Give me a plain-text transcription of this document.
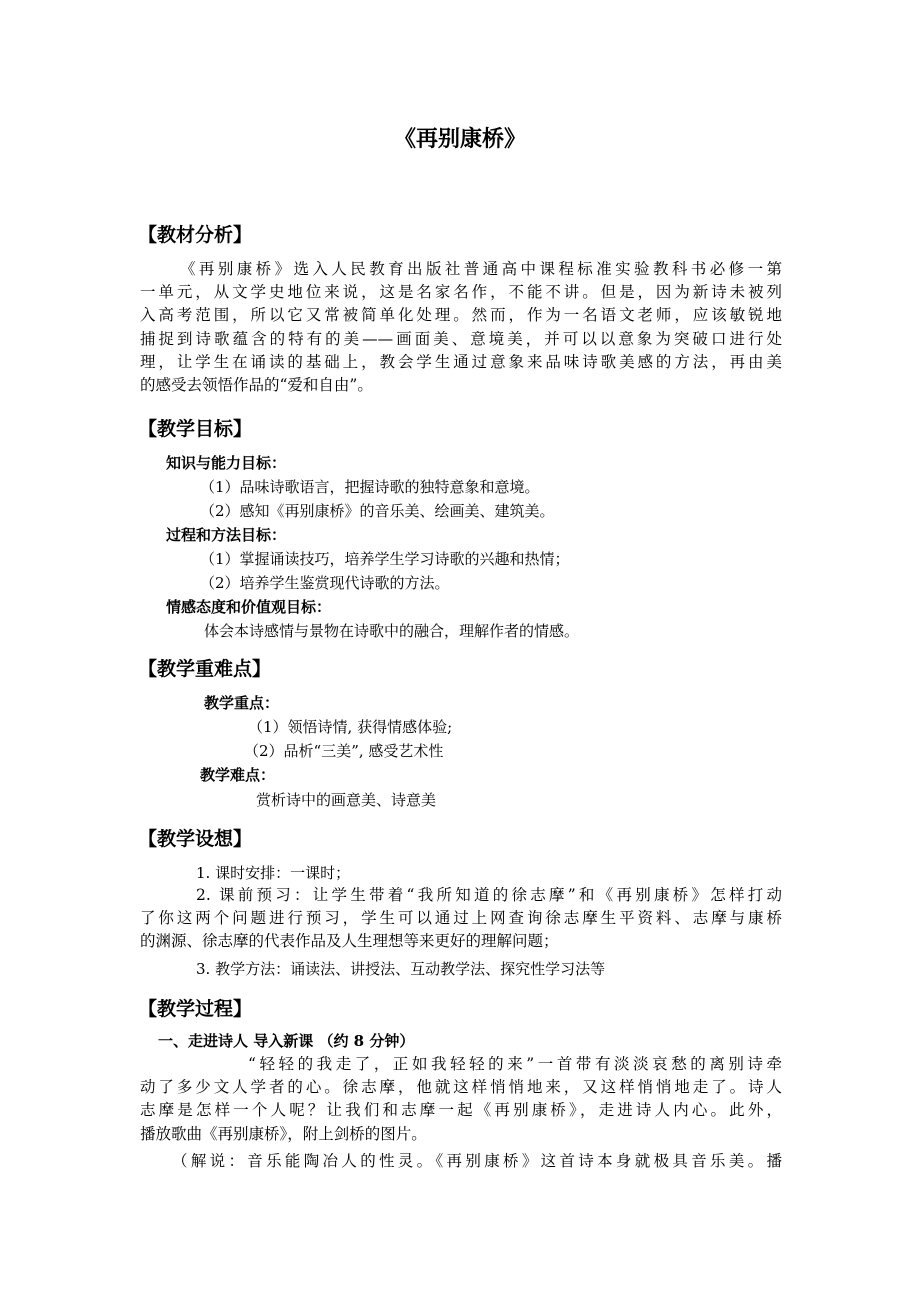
《再别康桥》
【教材分析】
《再别康桥》选入人民教育出版社普通高中课程标准实验教科书必修一第
一单元，从文学史地位来说，这是名家名作，不能不讲。但是，因为新诗未被列
入高考范围，所以它又常被简单化处理。然而，作为一名语文老师，应该敏锐地
捕捉到诗歌蕴含的特有的美——画面美、意境美，并可以以意象为突破口进行处
理，让学生在诵读的基础上，教会学生通过意象来品味诗歌美感的方法，再由美
的感受去领悟作品的“爱和自由”。
【教学目标】
知识与能力目标：
（1）品味诗歌语言，把握诗歌的独特意象和意境。
（2）感知《再别康桥》的音乐美、绘画美、建筑美。
过程和方法目标：
（1）掌握诵读技巧，培养学生学习诗歌的兴趣和热情；
（2）培养学生鉴赏现代诗歌的方法。
情感态度和价值观目标：
体会本诗感情与景物在诗歌中的融合，理解作者的情感。
【教学重难点】
教学重点：
（1）领悟诗情, 获得情感体验;
（2）品析“三美”, 感受艺术性
教学难点：
赏析诗中的画意美、诗意美
【教学设想】
1. 课时安排：一课时；
2. 课前预习：让学生带着“我所知道的徐志摩”和《再别康桥》怎样打动
了你这两个问题进行预习，学生可以通过上网查询徐志摩生平资料、志摩与康桥
的渊源、徐志摩的代表作品及人生理想等来更好的理解问题；
3. 教学方法：诵读法、讲授法、互动教学法、探究性学习法等
【教学过程】
一、走进诗人 导入新课 （约 8 分钟）
“轻轻的我走了，正如我轻轻的来”一首带有淡淡哀愁的离别诗牵
动了多少文人学者的心。徐志摩，他就这样悄悄地来，又这样悄悄地走了。诗人
志摩是怎样一个人呢？让我们和志摩一起《再别康桥》，走进诗人内心。此外，
播放歌曲《再别康桥》，附上剑桥的图片。
（解说：音乐能陶冶人的性灵。《再别康桥》这首诗本身就极具音乐美。播
